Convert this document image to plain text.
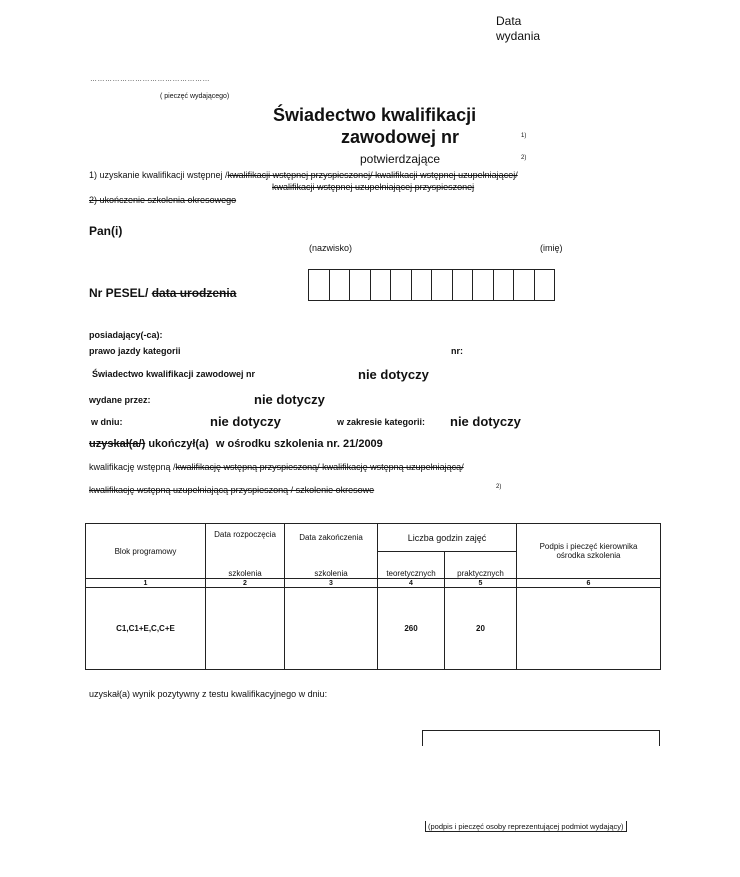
Data
wydania
…………………………………………
( pieczęć wydającego)
Świadectwo kwalifikacji
zawodowej nr	1)
potwierdzające	2)
1) uzyskanie kwalifikacji wstępnej /kwalifikacji wstępnej przyspieszonej/ kwalifikacji wstępnej uzupełniającej/
kwalifikacji wstępnej uzupełniającej przyspieszonej
2) ukończenie szkolenia okresowego
Pan(i)
(nazwisko)	(imię)
Nr PESEL/ data urodzenia
posiadający(-ca):
prawo jazdy kategorii	nr:
Świadectwo kwalifikacji zawodowej nr	nie dotyczy
wydane przez:	nie dotyczy
w dniu:	nie dotyczy	w zakresie kategorii: nie dotyczy
uzyskał(a/) ukończył(a) w ośrodku szkolenia nr. 21/2009
kwalifikację wstępną /kwalifikację wstępną przyspieszoną/ kwalifikację wstępną uzupełniającą/
kwalifikację wstępną uzupełniającą przyspieszoną / szkolenie okresowe	2)
Blok programowy	Data rozpoczęcia	Data zakończenia	Liczba godzin zajęć		Podpis i pieczęć kierownika ośrodka szkolenia
	szkolenia	szkolenia	teoretycznych	praktycznych	
1	2	3	4	5	6
C1,C1+E,C,C+E			260	20	
uzyskał(a) wynik pozytywny z testu kwalifikacyjnego w dniu:
(podpis i pieczęć osoby reprezentującej podmiot wydający)
